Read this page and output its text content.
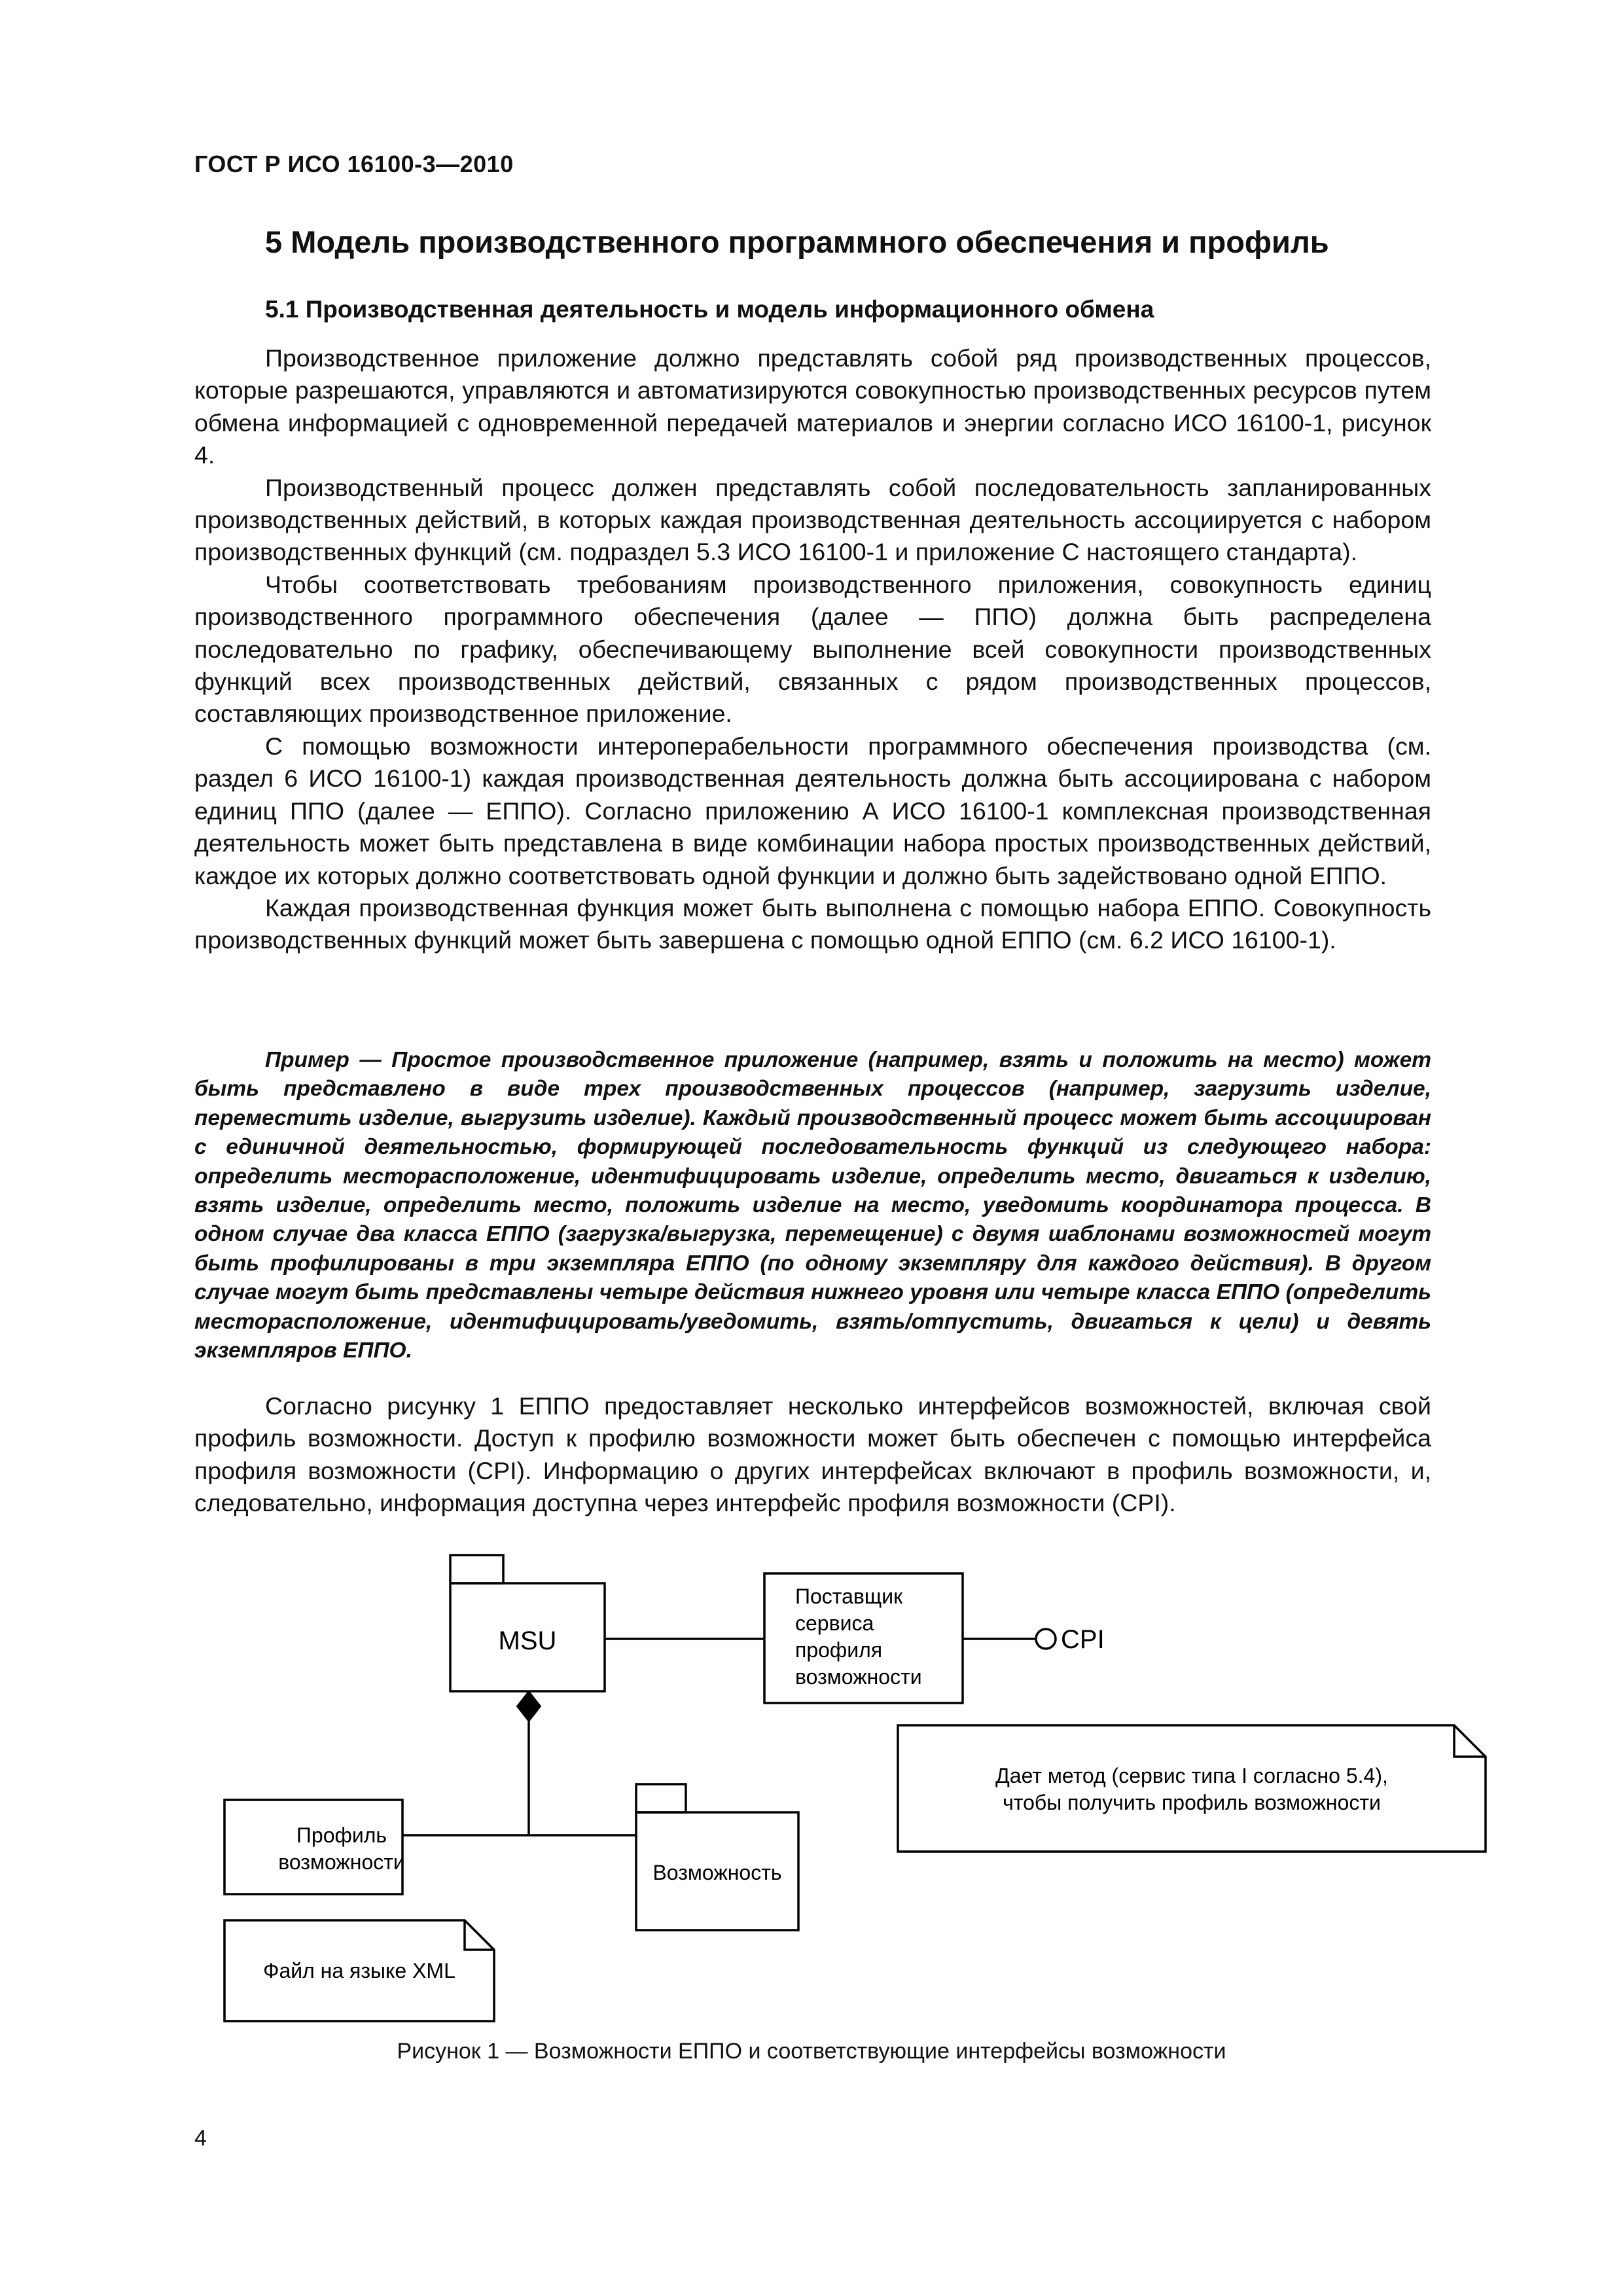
ГОСТ Р ИСО 16100-3—2010
5 Модель производственного программного обеспечения и профиль
5.1 Производственная деятельность и модель информационного обмена

Производственное приложение должно представлять собой ряд производственных процессов, которые разрешаются, управляются и автоматизируются совокупностью производственных ресурсов путем обмена информацией с одновременной передачей материалов и энергии согласно ИСО 16100-1, рисунок 4.

Производственный процесс должен представлять собой последовательность запланированных производственных действий, в которых каждая производственная деятельность ассоциируется с набором производственных функций (см. подраздел 5.3 ИСО 16100-1 и приложение С настоящего стандарта).

Чтобы соответствовать требованиям производственного приложения, совокупность единиц производственного программного обеспечения (далее — ППО) должна быть распределена последовательно по графику, обеспечивающему выполнение всей совокупности производственных функций всех производственных действий, связанных с рядом производственных процессов, составляющих производственное приложение.

С помощью возможности интероперабельности программного обеспечения производства (см. раздел 6 ИСО 16100-1) каждая производственная деятельность должна быть ассоциирована с набором единиц ППО (далее — ЕППО). Согласно приложению А ИСО 16100-1 комплексная производственная деятельность может быть представлена в виде комбинации набора простых производственных действий, каждое их которых должно соответствовать одной функции и должно быть задействовано одной ЕППО.

Каждая производственная функция может быть выполнена с помощью набора ЕППО. Совокупность производственных функций может быть завершена с помощью одной ЕППО (см. 6.2 ИСО 16100-1).

Пример — Простое производственное приложение (например, взять и положить на место) может быть представлено в виде трех производственных процессов (например, загрузить изделие, переместить изделие, выгрузить изделие). Каждый производственный процесс может быть ассоциирован с единичной деятельностью, формирующей последовательность функций из следующего набора: определить месторасположение, идентифицировать изделие, определить место, двигаться к изделию, взять изделие, определить место, положить изделие на место, уведомить координатора процесса. В одном случае два класса ЕППО (загрузка/выгрузка, перемещение) с двумя шаблонами возможностей могут быть профилированы в три экземпляра ЕППО (по одному экземпляру для каждого действия). В другом случае могут быть представлены четыре действия нижнего уровня или четыре класса ЕППО (определить месторасположение, идентифицировать/уведомить, взять/отпустить, двигаться к цели) и девять экземпляров ЕППО.

Согласно рисунку 1 ЕППО предоставляет несколько интерфейсов возможностей, включая свой профиль возможности. Доступ к профилю возможности может быть обеспечен с помощью интерфейса профиля возможности (CPI). Информацию о других интерфейсах включают в профиль возможности, и, следовательно, информация доступна через интерфейс профиля возможности (CPI).

MSU
Поставщик
сервиса
профиля
возможности
CPI
Дает метод (сервис типа I согласно 5.4),
чтобы получить профиль возможности
Профиль
возможности	Возможность
Файл на языке XML
Рисунок 1 — Возможности ЕППО и соответствующие интерфейсы возможности
4
